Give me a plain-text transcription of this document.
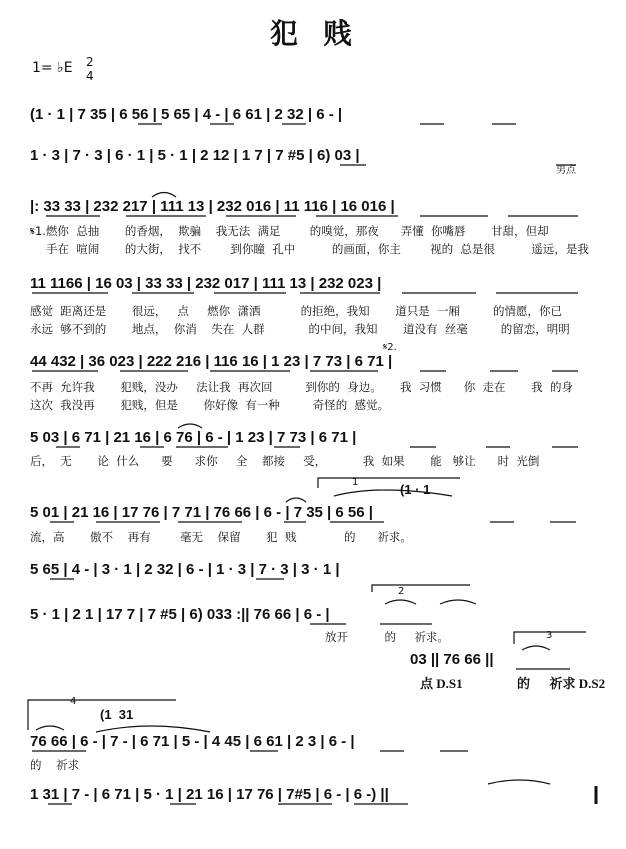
犯  贱
1= ♭E 2
4
(1 · 1 | 7 35 | 6 56 | 5 65 | 4 - | 6 61 | 2 32 | 6 - |
1 · 3 | 7 · 3 | 6 · 1 | 5 · 1 | 2 12 | 1 7 | 7 #5 | 6) 03 |
男点
|: 33 33 | 232 217 | 111 13 | 232 016 | 11 116 | 16 016 |
𝄋1.燃你  总抽       的香烟，  欺骗    我无法  满足        的嗅觉，那夜      弄懂  你嘴唇       甘甜，但却
手在  喧闹       的大街，  找不        到你瞳  孔中          的画面，你主        视的  总是很          遥远，是我
11 1166 | 16 03 | 33 33 | 232 017 | 111 13 | 232 023 |
感觉  距离还是       很远，   点     燃你  潇洒           的拒绝，我知       道只是  一厢         的情愿，你已
永远  够不到的       地点，  你消    失在  人群            的中间，我知       道没有  丝毫         的留恋，明明
𝄋2.
44 432 | 36 023 | 222 216 | 116 16 | 1 23 | 7 73 | 6 71 |
不再  允许我       犯贱，没办     法让我  再次回         到你的  身边。 我  习惯      你  走在       我  的身
这次  我没再       犯贱，但是       你好像  有一种         奇怪的  感觉。
5 03 | 6 71 | 21 16 | 6 76 | 6 - | 1 23 | 7 73 | 6 71 |
后，  无       论  什么      要      求你     全    都接     受，          我  如果       能   够让      时  光倒
1	(1 · 1
5 01 | 21 16 | 17 76 | 7 71 | 76 66 | 6 - | 7 35 | 6 56 |
流，高       傲不    再有        毫无    保留       犯  贱             的      祈求。
5 65 | 4 - | 3 · 1 | 2 32 | 6 - | 1 · 3 | 7 · 3 | 3 · 1 |
2
5 · 1 | 2 1 | 17 7 | 7 #5 | 6) 033 :|| 76 66 | 6 - |
放开          的     祈求。	3
03 || 76 66 ||
点 D.S1	的      祈求 D.S2
4
(1  31
76 66 | 6 - | 7 - | 6 71 | 5 - | 4 45 | 6 61 | 2 3 | 6 - |
的    祈求
1 31 | 7 - | 6 71 | 5 · 1 | 21 16 | 17 76 | 7#5 | 6 - | 6 -) ||
